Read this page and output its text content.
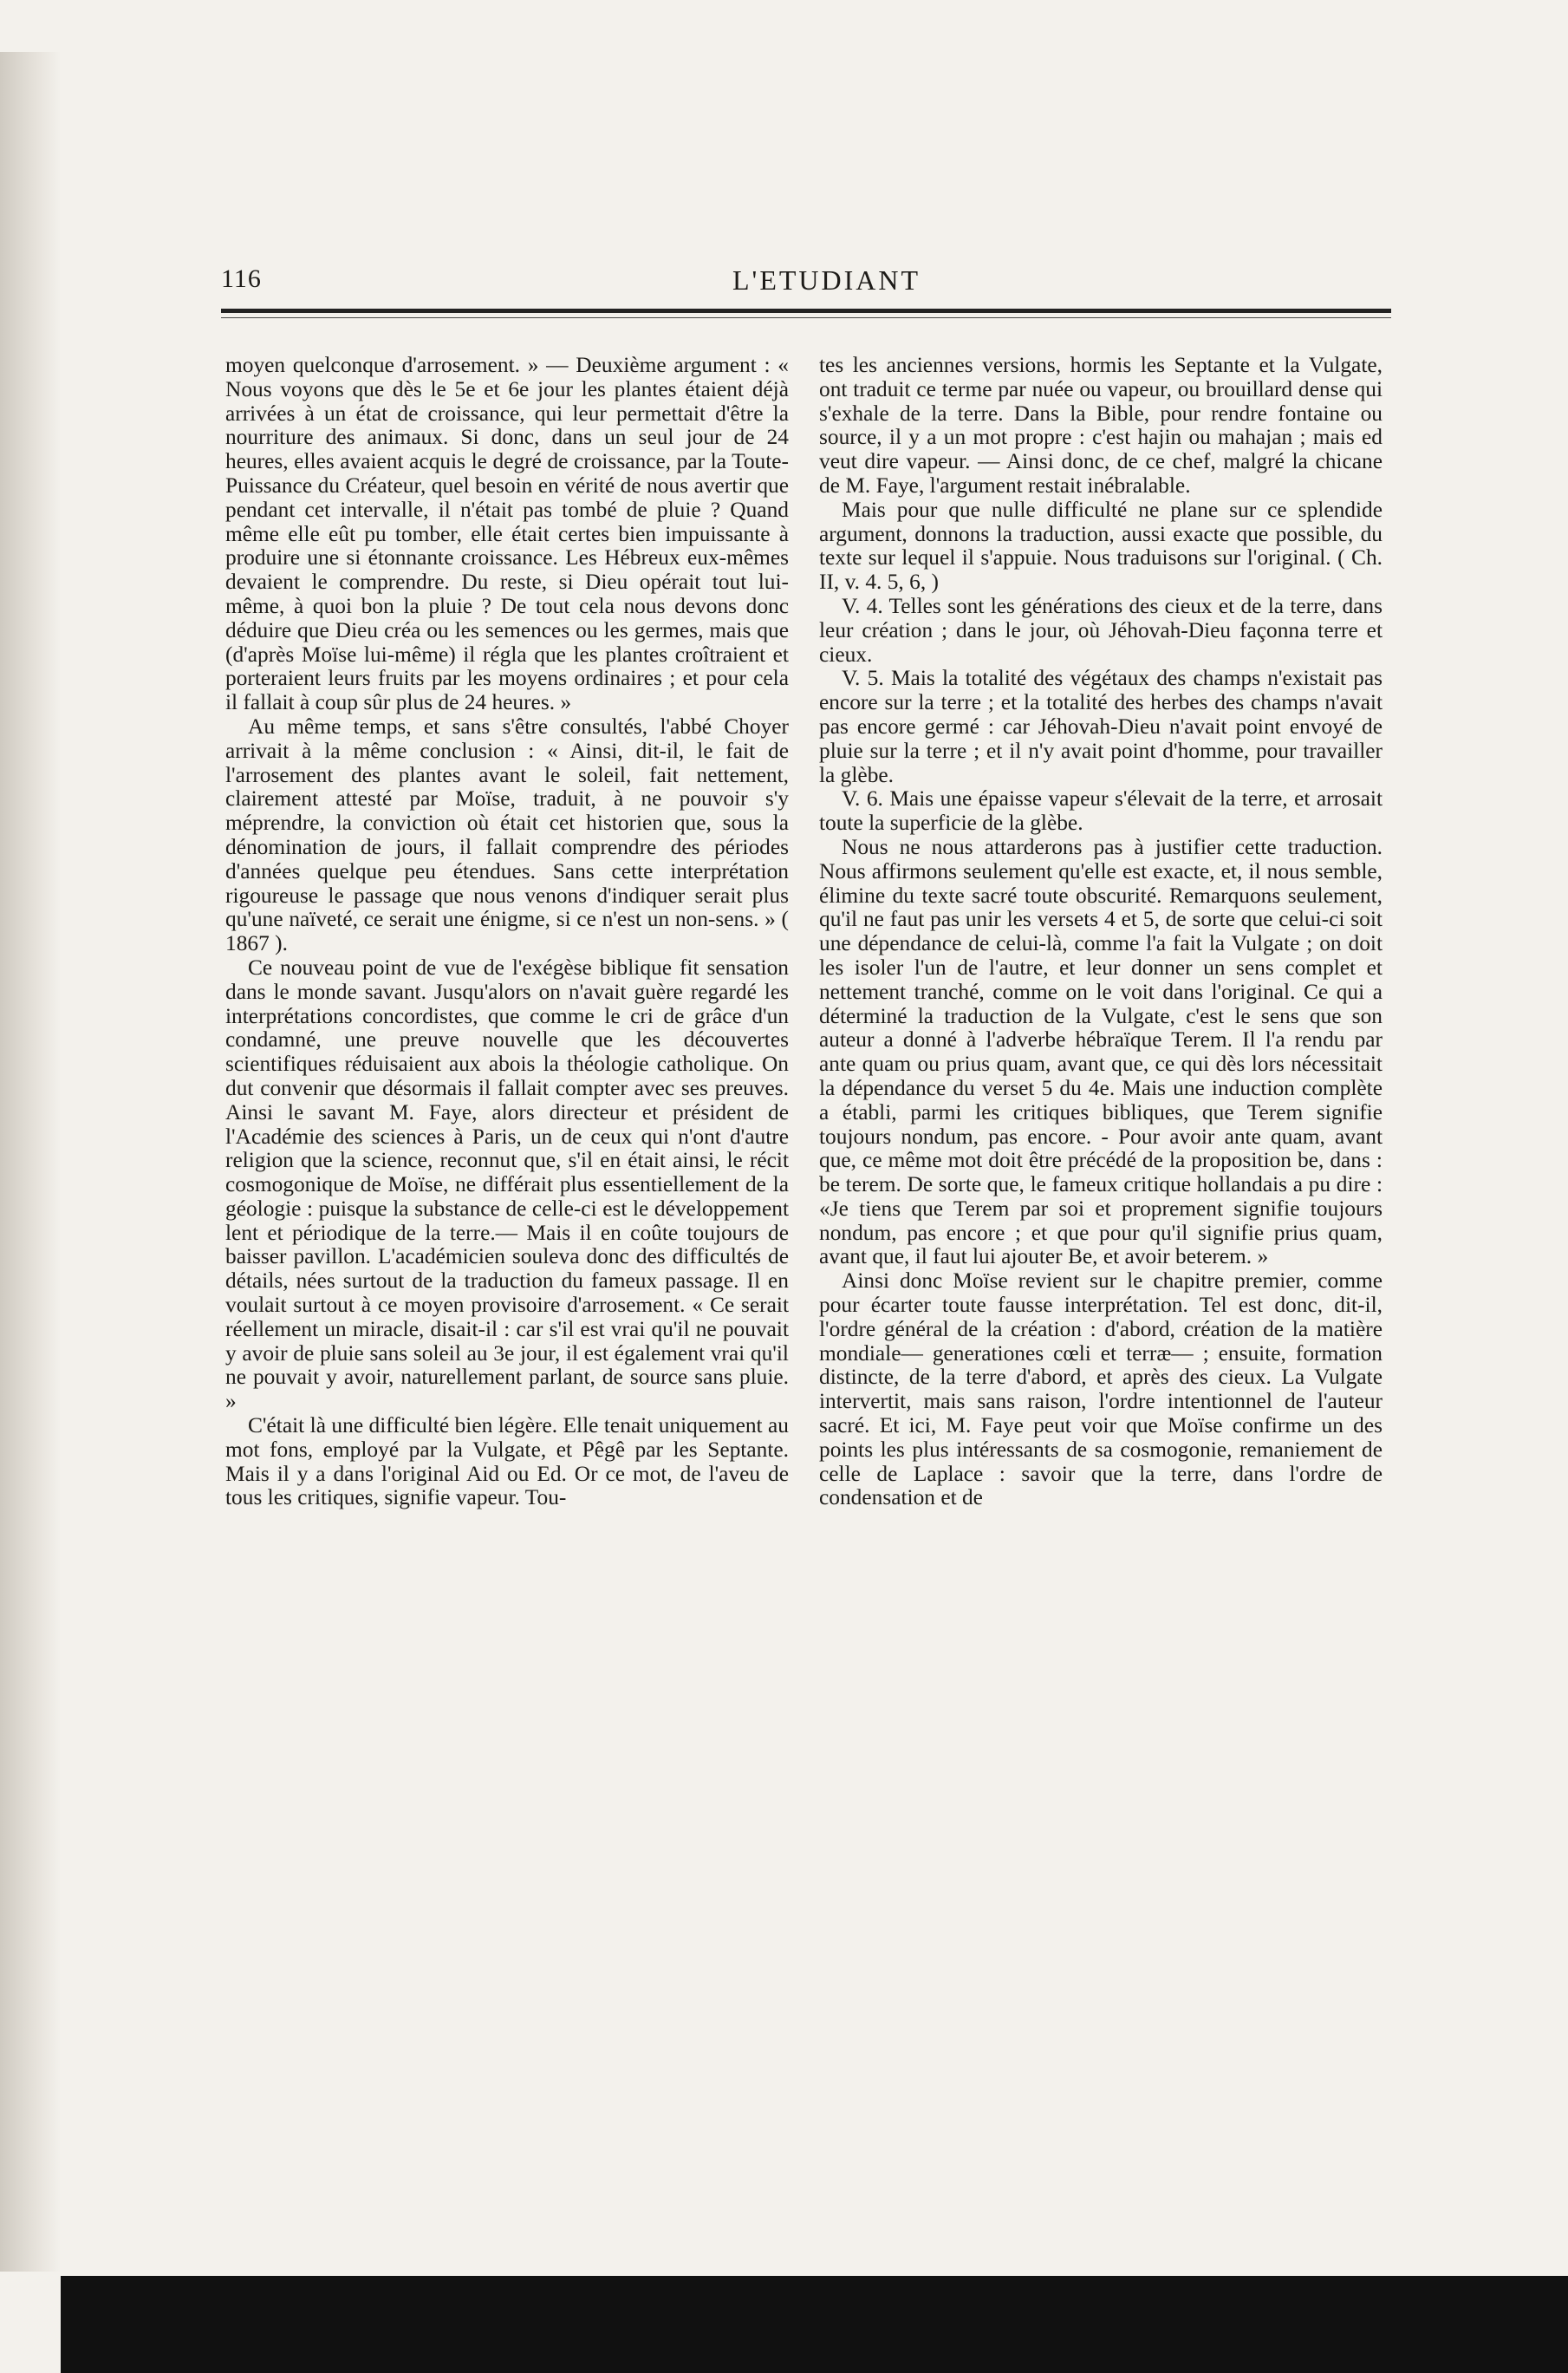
116	L'ETUDIANT

moyen quelconque d'arrosement. » — Deuxième argument : « Nous voyons que dès le 5e et 6e jour les plantes étaient déjà arrivées à un état de croissance, qui leur permettait d'être la nourriture des animaux. Si donc, dans un seul jour de 24 heures, elles avaient acquis le degré de croissance, par la Toute-Puissance du Créateur, quel besoin en vérité de nous avertir que pendant cet intervalle, il n'était pas tombé de pluie ? Quand même elle eût pu tomber, elle était certes bien impuissante à produire une si étonnante croissance. Les Hébreux eux-mêmes devaient le comprendre. Du reste, si Dieu opérait tout lui-même, à quoi bon la pluie ? De tout cela nous devons donc déduire que Dieu créa ou les semences ou les germes, mais que (d'après Moïse lui-même) il régla que les plantes croîtraient et porteraient leurs fruits par les moyens ordinaires ; et pour cela il fallait à coup sûr plus de 24 heures. »

Au même temps, et sans s'être consultés, l'abbé Choyer arrivait à la même conclusion : « Ainsi, dit-il, le fait de l'arrosement des plantes avant le soleil, fait nettement, clairement attesté par Moïse, traduit, à ne pouvoir s'y méprendre, la conviction où était cet historien que, sous la dénomination de jours, il fallait comprendre des périodes d'années quelque peu étendues. Sans cette interprétation rigoureuse le passage que nous venons d'indiquer serait plus qu'une naïveté, ce serait une énigme, si ce n'est un non-sens. » ( 1867 ).

Ce nouveau point de vue de l'exégèse biblique fit sensation dans le monde savant. Jusqu'alors on n'avait guère regardé les interprétations concordistes, que comme le cri de grâce d'un condamné, une preuve nouvelle que les découvertes scientifiques réduisaient aux abois la théologie catholique. On dut convenir que désormais il fallait compter avec ses preuves. Ainsi le savant M. Faye, alors directeur et président de l'Académie des sciences à Paris, un de ceux qui n'ont d'autre religion que la science, reconnut que, s'il en était ainsi, le récit cosmogonique de Moïse, ne différait plus essentiellement de la géologie : puisque la substance de celle-ci est le développement lent et périodique de la terre.— Mais il en coûte toujours de baisser pavillon. L'académicien souleva donc des difficultés de détails, nées surtout de la traduction du fameux passage. Il en voulait surtout à ce moyen provisoire d'arrosement. « Ce serait réellement un miracle, disait-il : car s'il est vrai qu'il ne pouvait y avoir de pluie sans soleil au 3e jour, il est également vrai qu'il ne pouvait y avoir, naturellement parlant, de source sans pluie. »

C'était là une difficulté bien légère. Elle tenait uniquement au mot fons, employé par la Vulgate, et Pêgê par les Septante. Mais il y a dans l'original Aid ou Ed. Or ce mot, de l'aveu de tous les critiques, signifie vapeur. Tou-

tes les anciennes versions, hormis les Septante et la Vulgate, ont traduit ce terme par nuée ou vapeur, ou brouillard dense qui s'exhale de la terre. Dans la Bible, pour rendre fontaine ou source, il y a un mot propre : c'est hajin ou mahajan ; mais ed veut dire vapeur. — Ainsi donc, de ce chef, malgré la chicane de M. Faye, l'argument restait inébralable.

Mais pour que nulle difficulté ne plane sur ce splendide argument, donnons la traduction, aussi exacte que possible, du texte sur lequel il s'appuie. Nous traduisons sur l'original. ( Ch. II, v. 4. 5, 6, )

V. 4. Telles sont les générations des cieux et de la terre, dans leur création ; dans le jour, où Jéhovah-Dieu façonna terre et cieux.

V. 5. Mais la totalité des végétaux des champs n'existait pas encore sur la terre ; et la totalité des herbes des champs n'avait pas encore germé : car Jéhovah-Dieu n'avait point envoyé de pluie sur la terre ; et il n'y avait point d'homme, pour travailler la glèbe.

V. 6. Mais une épaisse vapeur s'élevait de la terre, et arrosait toute la superficie de la glèbe.

Nous ne nous attarderons pas à justifier cette traduction. Nous affirmons seulement qu'elle est exacte, et, il nous semble, élimine du texte sacré toute obscurité. Remarquons seulement, qu'il ne faut pas unir les versets 4 et 5, de sorte que celui-ci soit une dépendance de celui-là, comme l'a fait la Vulgate ; on doit les isoler l'un de l'autre, et leur donner un sens complet et nettement tranché, comme on le voit dans l'original. Ce qui a déterminé la traduction de la Vulgate, c'est le sens que son auteur a donné à l'adverbe hébraïque Terem. Il l'a rendu par ante quam ou prius quam, avant que, ce qui dès lors nécessitait la dépendance du verset 5 du 4e. Mais une induction complète a établi, parmi les critiques bibliques, que Terem signifie toujours nondum, pas encore. - Pour avoir ante quam, avant que, ce même mot doit être précédé de la proposition be, dans : be terem. De sorte que, le fameux critique hollandais a pu dire : «Je tiens que Terem par soi et proprement signifie toujours nondum, pas encore ; et que pour qu'il signifie prius quam, avant que, il faut lui ajouter Be, et avoir beterem. »

Ainsi donc Moïse revient sur le chapitre premier, comme pour écarter toute fausse interprétation. Tel est donc, dit-il, l'ordre général de la création : d'abord, création de la matière mondiale— generationes cœli et terræ— ; ensuite, formation distincte, de la terre d'abord, et après des cieux. La Vulgate intervertit, mais sans raison, l'ordre intentionnel de l'auteur sacré. Et ici, M. Faye peut voir que Moïse confirme un des points les plus intéressants de sa cosmogonie, remaniement de celle de Laplace : savoir que la terre, dans l'ordre de condensation et de
